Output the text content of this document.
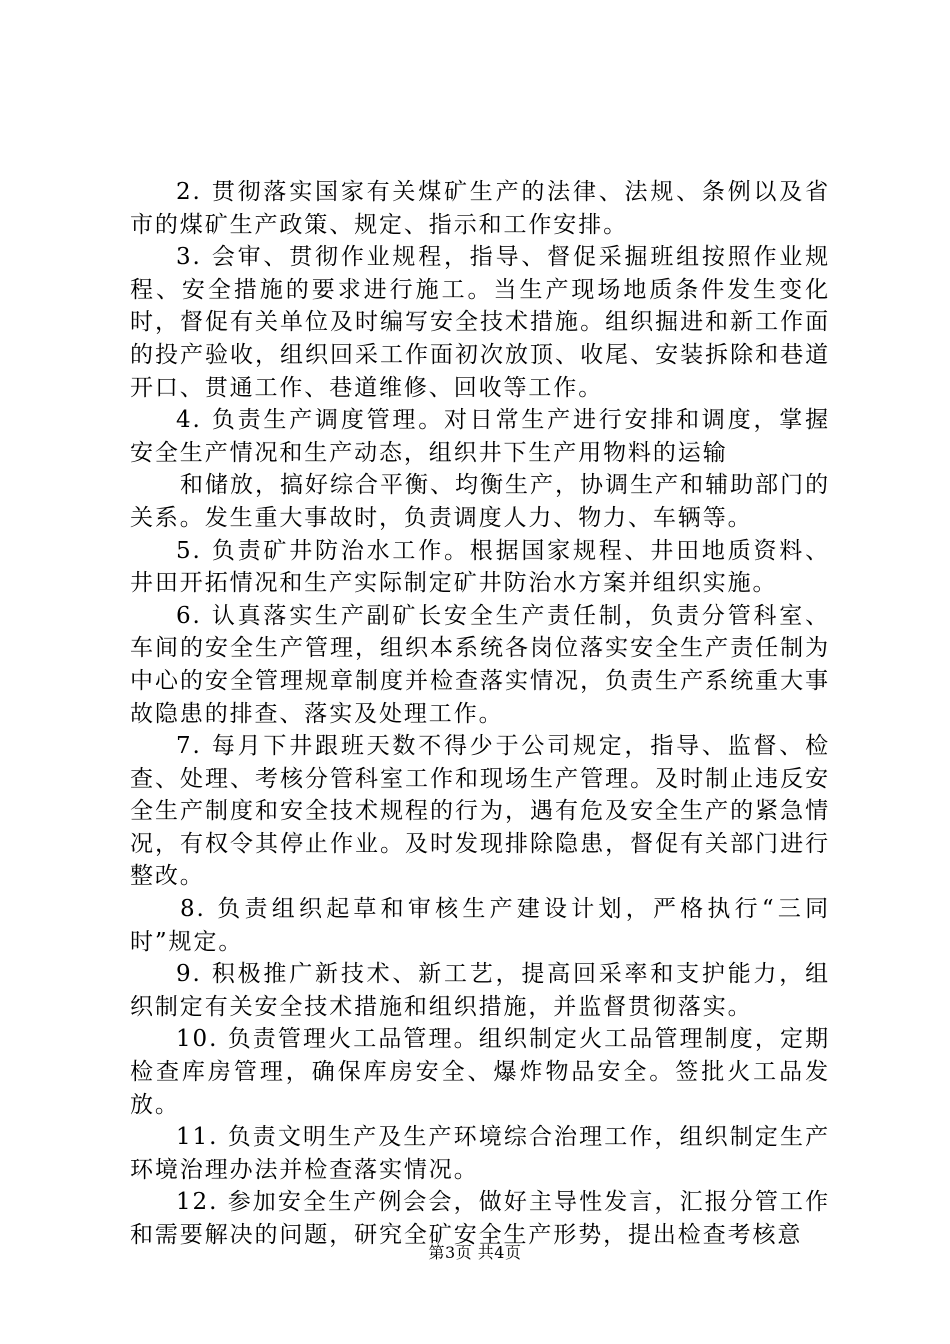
2. 贯彻落实国家有关煤矿生产的法律、法规、条例以及省市的煤矿生产政策、规定、指示和工作安排。

3. 会审、贯彻作业规程，指导、督促采掘班组按照作业规程、安全措施的要求进行施工。当生产现场地质条件发生变化时，督促有关单位及时编写安全技术措施。组织掘进和新工作面的投产验收，组织回采工作面初次放顶、收尾、安装拆除和巷道开口、贯通工作、巷道维修、回收等工作。

4. 负责生产调度管理。对日常生产进行安排和调度，掌握安全生产情况和生产动态，组织井下生产用物料的运输

和储放，搞好综合平衡、均衡生产，协调生产和辅助部门的关系。发生重大事故时，负责调度人力、物力、车辆等。

5. 负责矿井防治水工作。根据国家规程、井田地质资料、井田开拓情况和生产实际制定矿井防治水方案并组织实施。

6. 认真落实生产副矿长安全生产责任制，负责分管科室、车间的安全生产管理，组织本系统各岗位落实安全生产责任制为中心的安全管理规章制度并检查落实情况，负责生产系统重大事故隐患的排查、落实及处理工作。

7. 每月下井跟班天数不得少于公司规定，指导、监督、检查、处理、考核分管科室工作和现场生产管理。及时制止违反安全生产制度和安全技术规程的行为，遇有危及安全生产的紧急情况，有权令其停止作业。及时发现排除隐患，督促有关部门进行整改。

8. 负责组织起草和审核生产建设计划，严格执行“三同时”规定。

9. 积极推广新技术、新工艺，提高回采率和支护能力，组织制定有关安全技术措施和组织措施，并监督贯彻落实。

10. 负责管理火工品管理。组织制定火工品管理制度，定期检查库房管理，确保库房安全、爆炸物品安全。签批火工品发放。

11. 负责文明生产及生产环境综合治理工作，组织制定生产环境治理办法并检查落实情况。

12. 参加安全生产例会会，做好主导性发言，汇报分管工作和需要解决的问题，研究全矿安全生产形势，提出检查考核意

第3页 共4页
